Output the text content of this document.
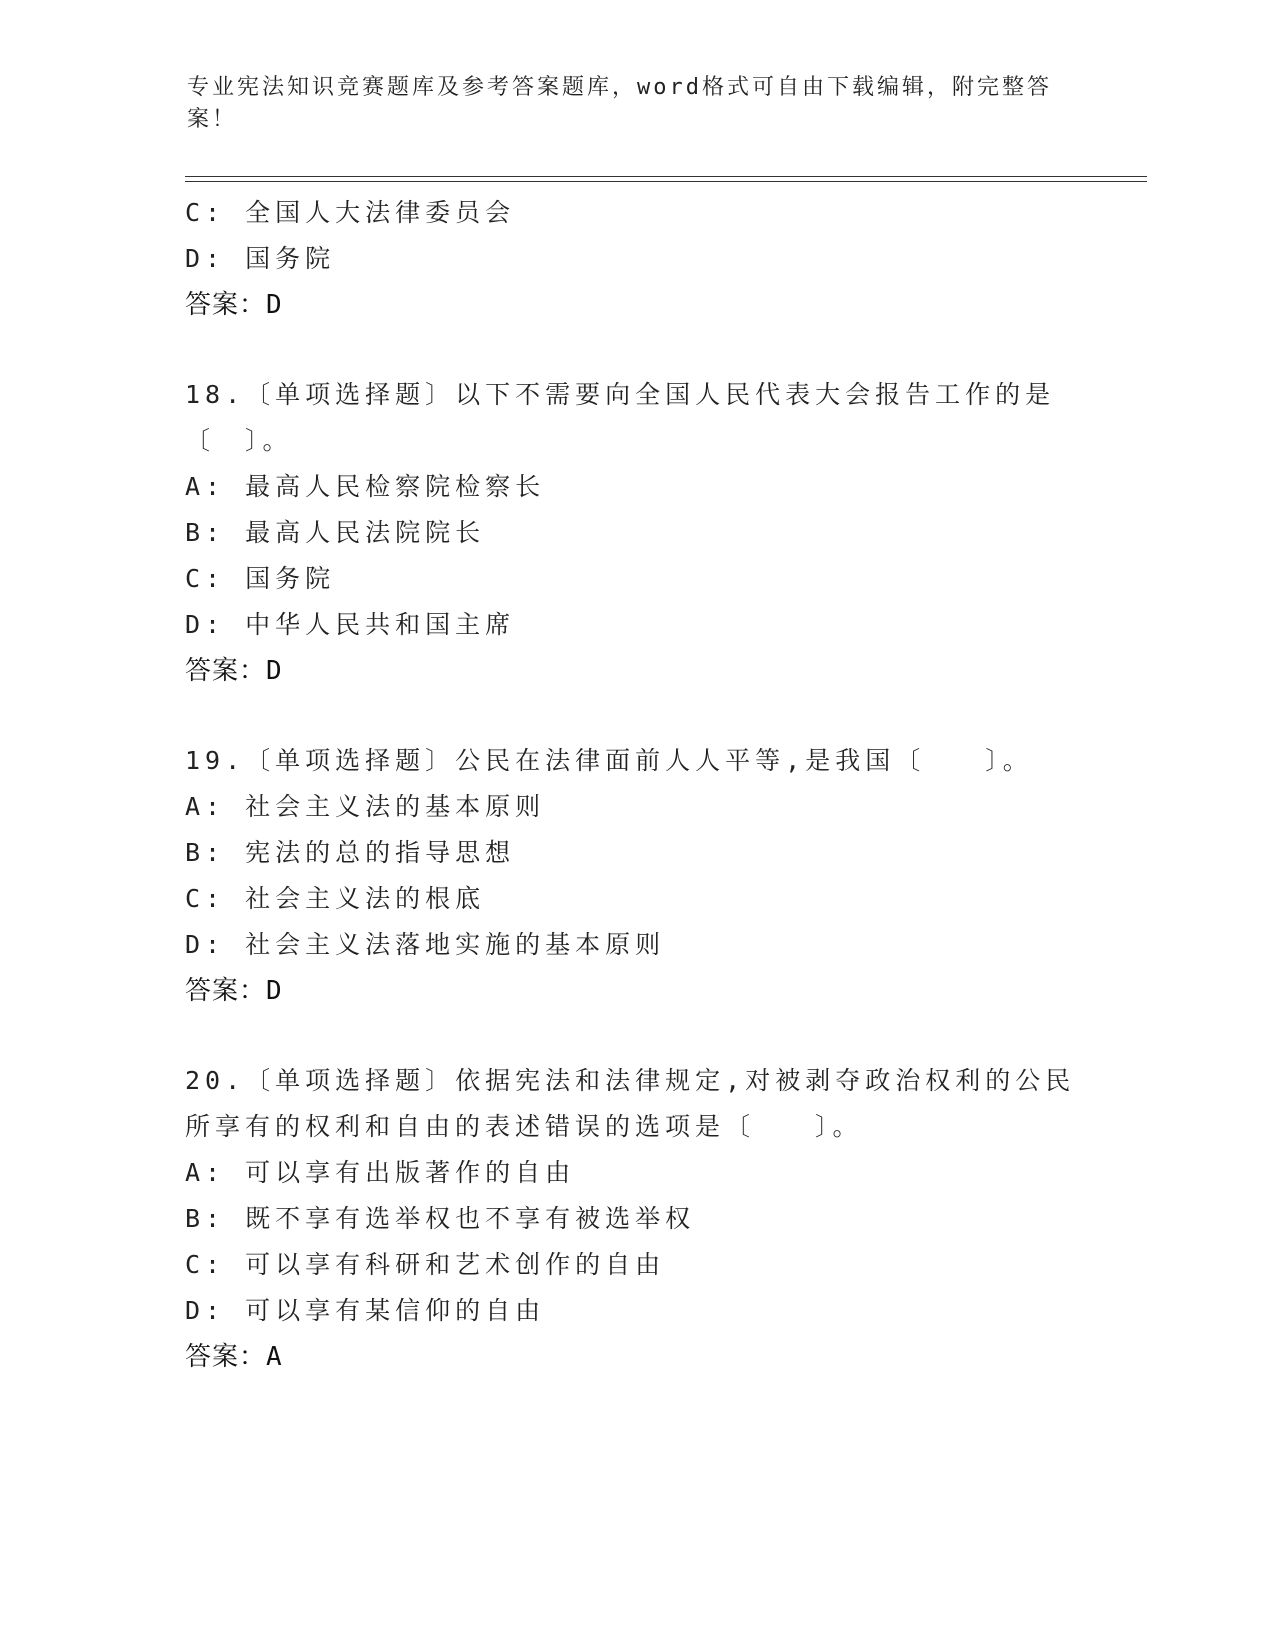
专业宪法知识竞赛题库及参考答案题库，word格式可自由下载编辑，附完整答案！
C: 全国人大法律委员会
D: 国务院
答案：D
18.〔单项选择题〕以下不需要向全国人民代表大会报告工作的是〔　〕。
A: 最高人民检察院检察长
B: 最高人民法院院长
C: 国务院
D: 中华人民共和国主席
答案：D
19.〔单项选择题〕公民在法律面前人人平等,是我国〔　　〕。
A: 社会主义法的基本原则
B: 宪法的总的指导思想
C: 社会主义法的根底
D: 社会主义法落地实施的基本原则
答案：D
20.〔单项选择题〕依据宪法和法律规定,对被剥夺政治权利的公民所享有的权利和自由的表述错误的选项是〔　　〕。
A: 可以享有出版著作的自由
B: 既不享有选举权也不享有被选举权
C: 可以享有科研和艺术创作的自由
D: 可以享有某信仰的自由
答案：A
